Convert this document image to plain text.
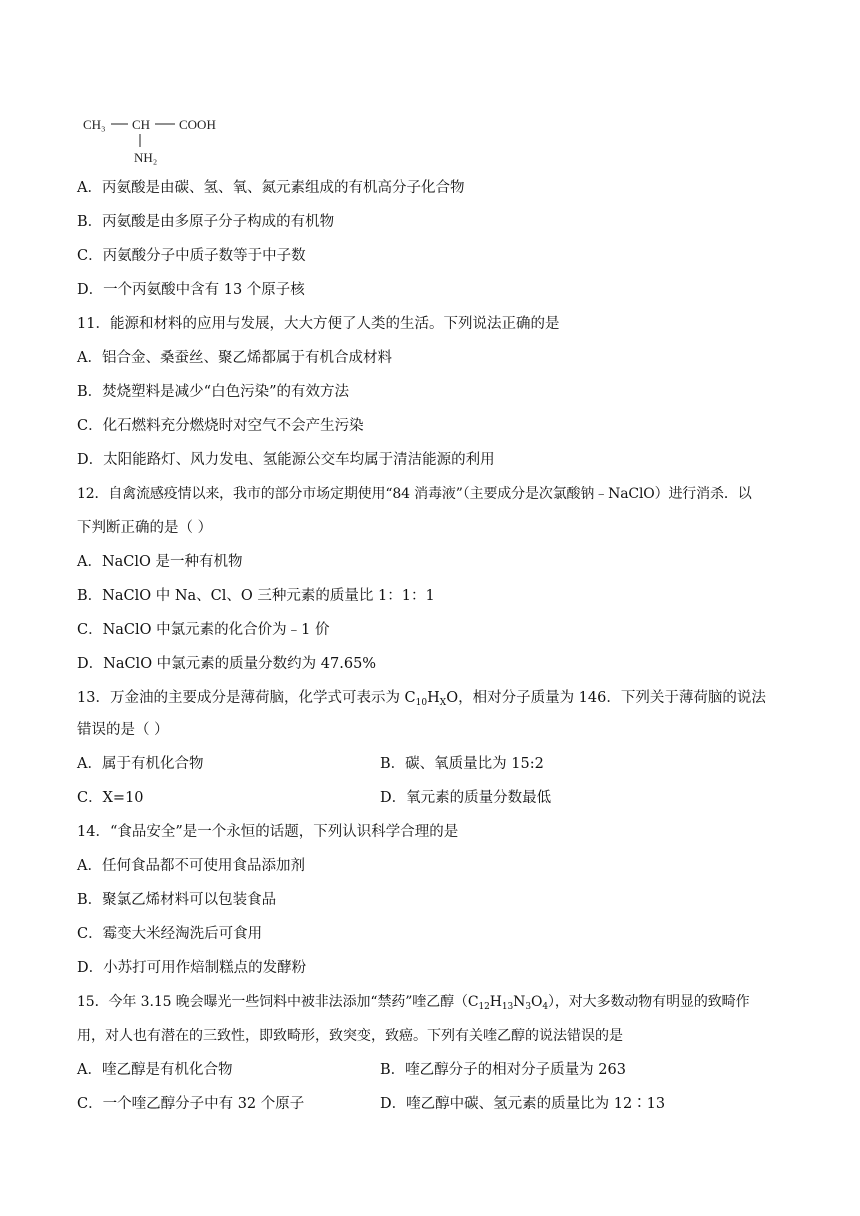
CH₃ CH COOH
NH₂
A．丙氨酸是由碳、氢、氧、氮元素组成的有机高分子化合物
B．丙氨酸是由多原子分子构成的有机物
C．丙氨酸分子中质子数等于中子数
D．一个丙氨酸中含有 13 个原子核
11．能源和材料的应用与发展，大大方便了人类的生活。下列说法正确的是
A．铝合金、桑蚕丝、聚乙烯都属于有机合成材料
B．焚烧塑料是减少“白色污染”的有效方法
C．化石燃料充分燃烧时对空气不会产生污染
D．太阳能路灯、风力发电、氢能源公交车均属于清洁能源的利用
12．自禽流感疫情以来，我市的部分市场定期使用“84 消毒液”（主要成分是次氯酸钠﹣NaClO）进行消杀．以
下判断正确的是（ ）
A．NaClO 是一种有机物
B．NaClO 中 Na、Cl、O 三种元素的质量比 1：1：1
C．NaClO 中氯元素的化合价为﹣1 价
D．NaClO 中氯元素的质量分数约为 47.65%
13．万金油的主要成分是薄荷脑，化学式可表示为 $C_{10}H_XO$，相对分子质量为 146．下列关于薄荷脑的说法
错误的是（ ）
A．属于有机化合物	B．碳、氧质量比为 15:2
C．X=10	D．氧元素的质量分数最低
14．“食品安全”是一个永恒的话题，下列认识科学合理的是
A．任何食品都不可使用食品添加剂
B．聚氯乙烯材料可以包装食品
C．霉变大米经淘洗后可食用
D．小苏打可用作焙制糕点的发酵粉
15．今年 3.15 晚会曝光一些饲料中被非法添加“禁药”喹乙醇$(C_{12}H_{13}N_3O_4)$，对大多数动物有明显的致畸作
用，对人也有潜在的三致性，即致畸形，致突变，致癌。下列有关喹乙醇的说法错误的是
A．喹乙醇是有机化合物	B．喹乙醇分子的相对分子质量为 263
C．一个喹乙醇分子中有 32 个原子	D．喹乙醇中碳、氢元素的质量比为 12∶13
